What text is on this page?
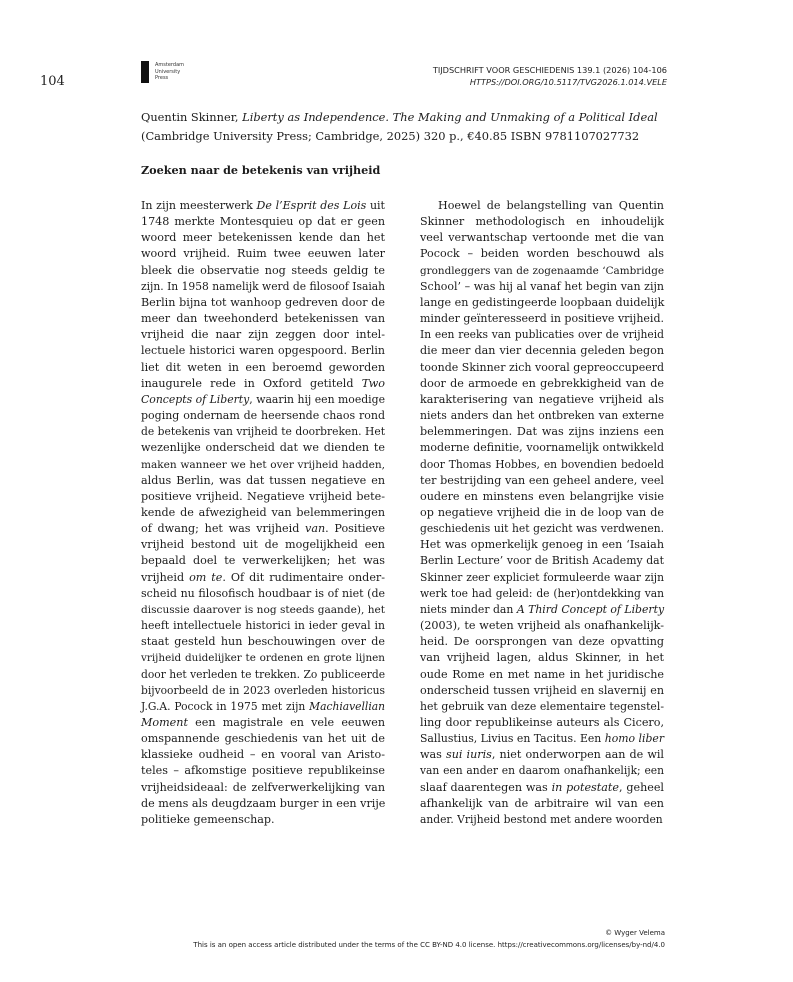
104
Amsterdam
University
Press
TIJDSCHRIFT VOOR GESCHIEDENIS 139.1 (2026) 104-106
HTTPS://DOI.ORG/10.5117/TVG2026.1.014.VELE
Quentin Skinner, Liberty as Independence. The Making and Unmaking of a Political Ideal (Cambridge University Press; Cambridge, 2025) 320 p., €40.85 ISBN 9781107027732
Zoeken naar de betekenis van vrijheid
In zijn meesterwerk De l’Esprit des Lois uit
1748 merkte Montesquieu op dat er geen
woord meer betekenissen kende dan het
woord vrijheid. Ruim twee eeuwen later
bleek die observatie nog steeds geldig te
zijn. In 1958 namelijk werd de filosoof Isaiah
Berlin bijna tot wanhoop gedreven door de
meer dan tweehonderd betekenissen van
vrijheid die naar zijn zeggen door intel-
lectuele historici waren opgespoord. Berlin
liet dit weten in een beroemd geworden
inaugurele rede in Oxford getiteld Two
Concepts of Liberty, waarin hij een moedige
poging ondernam de heersende chaos rond
de betekenis van vrijheid te doorbreken. Het
wezenlijke onderscheid dat we dienden te
maken wanneer we het over vrijheid hadden,
aldus Berlin, was dat tussen negatieve en
positieve vrijheid. Negatieve vrijheid bete-
kende de afwezigheid van belemmeringen
of dwang; het was vrijheid van. Positieve
vrijheid bestond uit de mogelijkheid een
bepaald doel te verwerkelijken; het was
vrijheid om te. Of dit rudimentaire onder-
scheid nu filosofisch houdbaar is of niet (de
discussie daarover is nog steeds gaande), het
heeft intellectuele historici in ieder geval in
staat gesteld hun beschouwingen over de
vrijheid duidelijker te ordenen en grote lijnen
door het verleden te trekken. Zo publiceerde
bijvoorbeeld de in 2023 overleden historicus
J.G.A. Pocock in 1975 met zijn Machiavellian
Moment een magistrale en vele eeuwen
omspannende geschiedenis van het uit de
klassieke oudheid – en vooral van Aristo-
teles – afkomstige positieve republikeinse
vrijheidsideaal: de zelfverwerkelijking van
de mens als deugdzaam burger in een vrije
politieke gemeenschap.
Hoewel de belangstelling van Quentin
Skinner methodologisch en inhoudelijk
veel verwantschap vertoonde met die van
Pocock – beiden worden beschouwd als
grondleggers van de zogenaamde ‘Cambridge
School’ – was hij al vanaf het begin van zijn
lange en gedistingeerde loopbaan duidelijk
minder geïnteresseerd in positieve vrijheid.
In een reeks van publicaties over de vrijheid
die meer dan vier decennia geleden begon
toonde Skinner zich vooral gepreoccupeerd
door de armoede en gebrekkigheid van de
karakterisering van negatieve vrijheid als
niets anders dan het ontbreken van externe
belemmeringen. Dat was zijns inziens een
moderne definitie, voornamelijk ontwikkeld
door Thomas Hobbes, en bovendien bedoeld
ter bestrijding van een geheel andere, veel
oudere en minstens even belangrijke visie
op negatieve vrijheid die in de loop van de
geschiedenis uit het gezicht was verdwenen.
Het was opmerkelijk genoeg in een ‘Isaiah
Berlin Lecture’ voor de British Academy dat
Skinner zeer expliciet formuleerde waar zijn
werk toe had geleid: de (her)ontdekking van
niets minder dan A Third Concept of Liberty
(2003), te weten vrijheid als onafhankelijk-
heid. De oorsprongen van deze opvatting
van vrijheid lagen, aldus Skinner, in het
oude Rome en met name in het juridische
onderscheid tussen vrijheid en slavernij en
het gebruik van deze elementaire tegenstel-
ling door republikeinse auteurs als Cicero,
Sallustius, Livius en Tacitus. Een homo liber
was sui iuris, niet onderworpen aan de wil
van een ander en daarom onafhankelijk; een
slaaf daarentegen was in potestate, geheel
afhankelijk van de arbitraire wil van een
ander. Vrijheid bestond met andere woorden
© Wyger Velema
This is an open access article distributed under the terms of the CC BY-ND 4.0 license. https://creativecommons.org/licenses/by-nd/4.0
